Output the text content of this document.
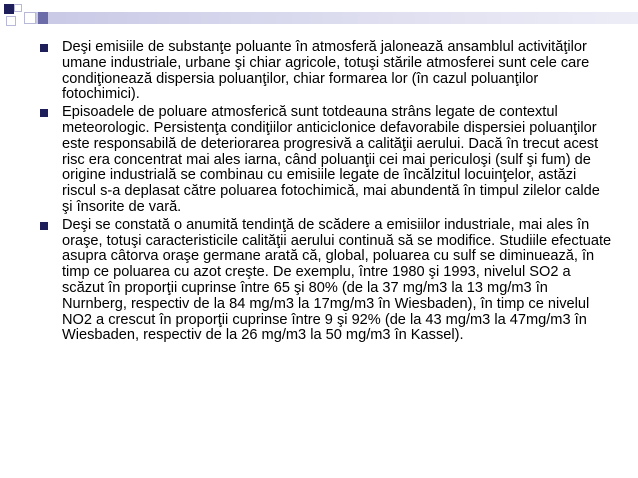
Deşi emisiile de substanţe poluante în atmosferă jalonează ansamblul activităţilor umane industriale, urbane şi chiar agricole, totuşi stările atmosferei sunt cele care condiţionează dispersia poluanţilor, chiar formarea lor (în cazul poluanţilor fotochimici).
Episoadele de poluare atmosferică sunt totdeauna strâns legate de contextul meteorologic. Persistenţa condiţiilor anticiclonice defavorabile dispersiei poluanţilor este responsabilă de deteriorarea progresivă a calităţii aerului. Dacă în trecut acest risc era concentrat mai ales iarna, când poluanţii cei mai periculoşi (sulf şi fum) de origine industrială se combinau cu emisiile legate de încălzitul locuinţelor, astăzi riscul s-a deplasat către poluarea fotochimică, mai abundentă în timpul zilelor calde şi însorite de vară.
Deşi se constată o anumită tendinţă de scădere a emisiilor industriale, mai ales în oraşe, totuşi caracteristicile calităţii aerului continuă să se modifice. Studiile efectuate asupra câtorva oraşe germane arată că, global, poluarea cu sulf se diminuează, în timp ce poluarea cu azot creşte. De exemplu, între 1980 şi 1993, nivelul SO2 a scăzut în proporţii cuprinse între 65 şi 80% (de la 37 mg/m3 la 13 mg/m3 în Nurnberg, respectiv de la 84 mg/m3 la 17mg/m3 în Wiesbaden), în timp ce nivelul NO2 a crescut în proporţii cuprinse între 9 şi 92% (de la 43 mg/m3 la 47mg/m3 în Wiesbaden, respectiv de la 26 mg/m3 la 50 mg/m3 în Kassel).
